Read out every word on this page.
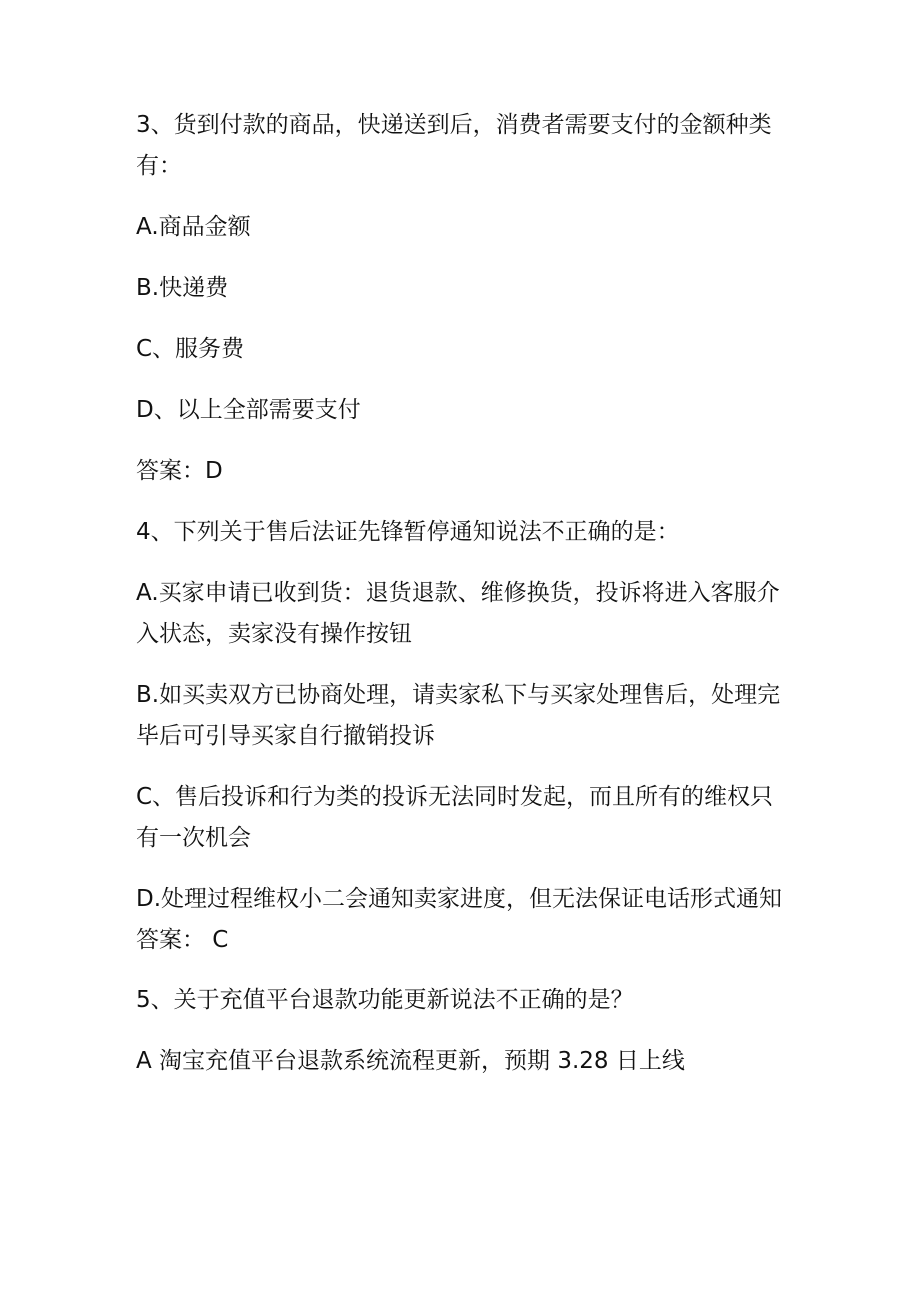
3、货到付款的商品，快递送到后，消费者需要支付的金额种类有：

A.商品金额

B.快递费

C、服务费

D、以上全部需要支付

答案：D

4、下列关于售后法证先锋暂停通知说法不正确的是：

A.买家申请已收到货：退货退款、维修换货，投诉将进入客服介入状态，卖家没有操作按钮

B.如买卖双方已协商处理，请卖家私下与买家处理售后，处理完毕后可引导买家自行撤销投诉

C、售后投诉和行为类的投诉无法同时发起，而且所有的维权只有一次机会

D.处理过程维权小二会通知卖家进度，但无法保证电话形式通知答案： C

5、关于充值平台退款功能更新说法不正确的是？

A 淘宝充值平台退款系统流程更新，预期 3.28 日上线
